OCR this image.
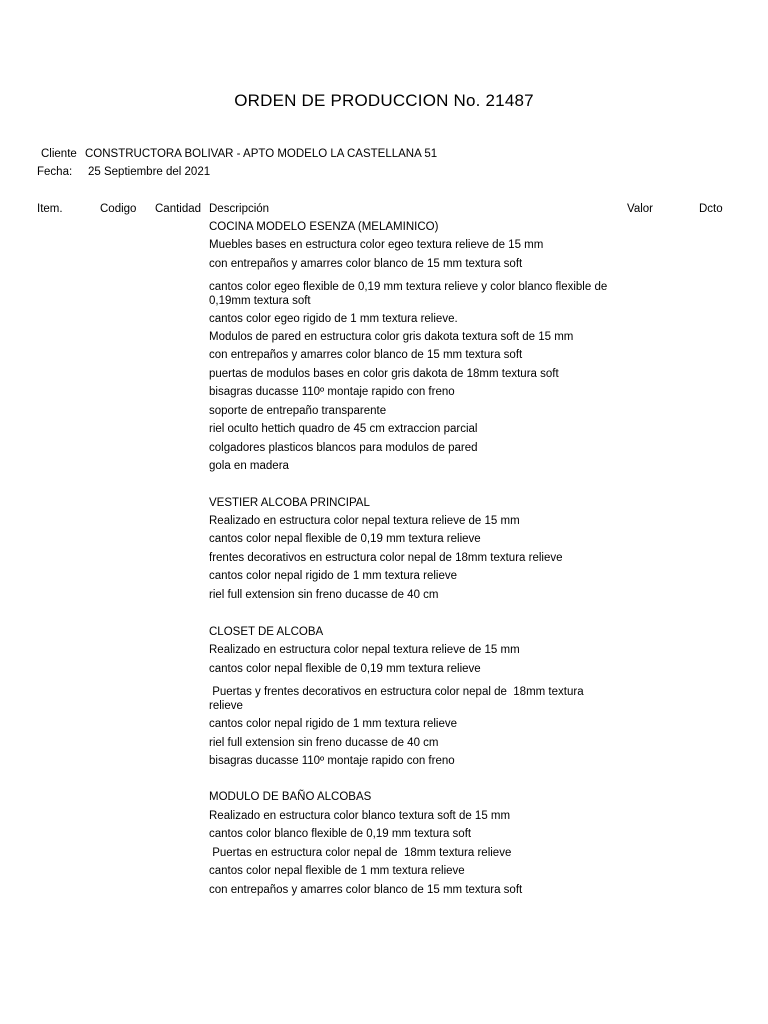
ORDEN DE PRODUCCION No. 21487
Cliente CONSTRUCTORA BOLIVAR - APTO MODELO LA CASTELLANA 51
Fecha: 25 Septiembre del 2021
Item.	Codigo Cantidad Descripción	Valor	Dcto
COCINA MODELO ESENZA (MELAMINICO)
Muebles bases en estructura color egeo textura relieve de 15 mm
con entrepaños y amarres color blanco de 15 mm textura soft
cantos color egeo flexible de 0,19 mm textura relieve y color blanco flexible de 0,19mm textura soft
cantos color egeo rigido de 1 mm textura relieve.
Modulos de pared en estructura color gris dakota textura soft de 15 mm
con entrepaños y amarres color blanco de 15 mm textura soft
puertas de modulos bases en color gris dakota de 18mm textura soft
bisagras ducasse 110º montaje rapido con freno
soporte de entrepaño transparente
riel oculto hettich quadro de 45 cm extraccion parcial
colgadores plasticos blancos para modulos de pared
gola en madera
VESTIER ALCOBA PRINCIPAL
Realizado en estructura color nepal textura relieve de 15 mm
cantos color nepal flexible de 0,19 mm textura relieve
frentes decorativos en estructura color nepal de 18mm textura relieve
cantos color nepal rigido de 1 mm textura relieve
riel full extension sin freno ducasse de 40 cm
CLOSET DE ALCOBA
Realizado en estructura color nepal textura relieve de 15 mm
cantos color nepal flexible de 0,19 mm textura relieve
Puertas y frentes decorativos en estructura color nepal de  18mm textura relieve
cantos color nepal rigido de 1 mm textura relieve
riel full extension sin freno ducasse de 40 cm
bisagras ducasse 110º montaje rapido con freno
MODULO DE BAÑO ALCOBAS
Realizado en estructura color blanco textura soft de 15 mm
cantos color blanco flexible de 0,19 mm textura soft
Puertas en estructura color nepal de  18mm textura relieve
cantos color nepal flexible de 1 mm textura relieve
con entrepaños y amarres color blanco de 15 mm textura soft
